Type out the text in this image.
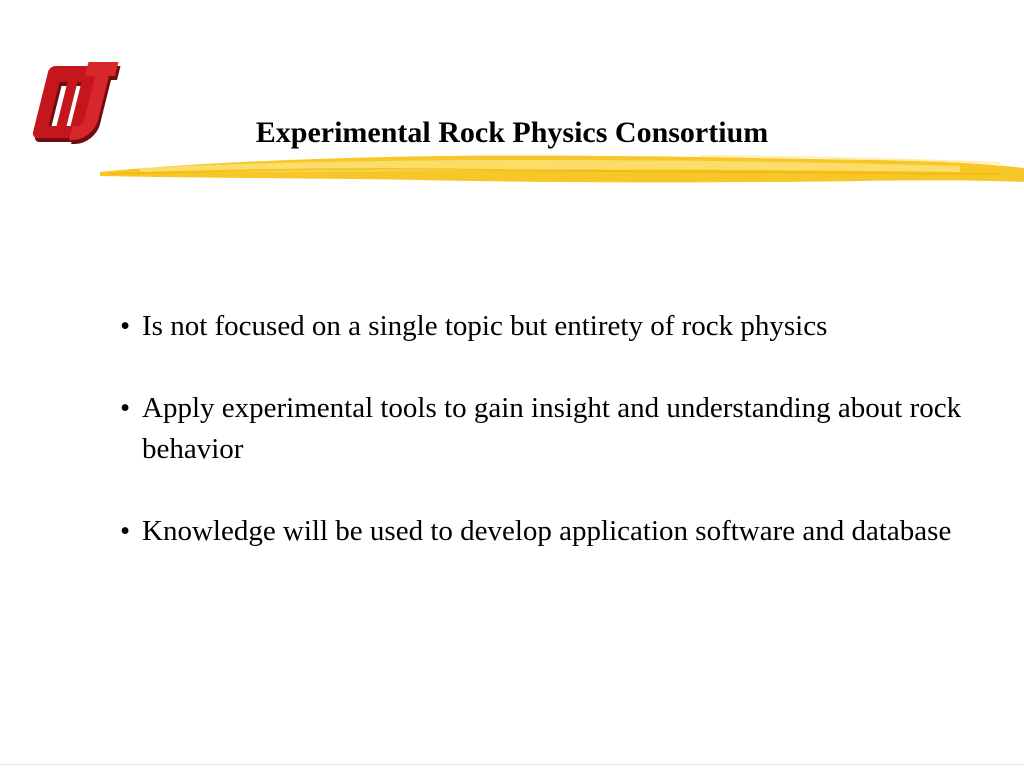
Experimental Rock Physics Consortium
• Is not focused on a single topic but entirety of rock physics
• Apply experimental tools to gain insight and understanding about rock behavior
• Knowledge will be used to develop application software and database
